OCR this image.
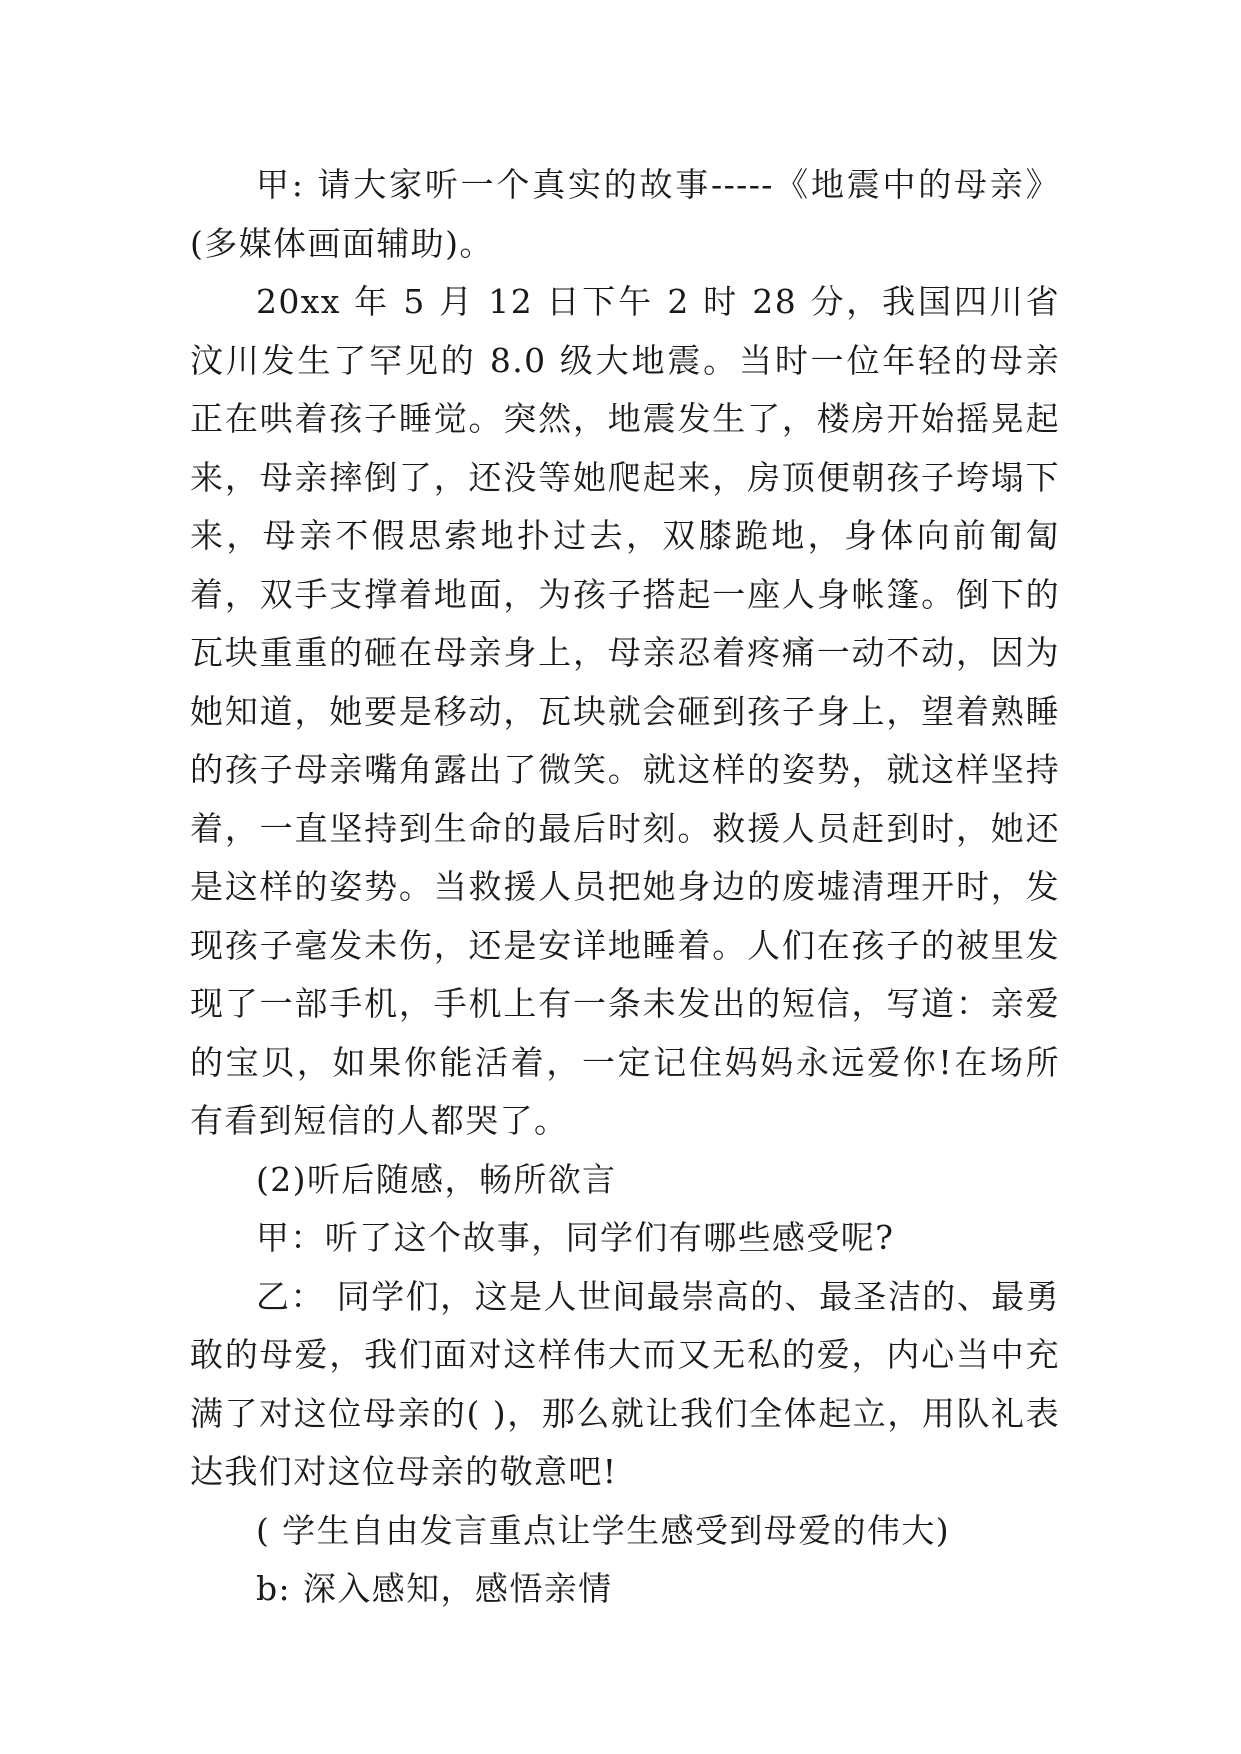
甲: 请大家听一个真实的故事-----《地震中的母亲》(多媒体画面辅助)。

20xx 年 5 月 12 日下午 2 时 28 分，我国四川省汶川发生了罕见的 8.0 级大地震。当时一位年轻的母亲正在哄着孩子睡觉。突然，地震发生了，楼房开始摇晃起来，母亲摔倒了，还没等她爬起来，房顶便朝孩子垮塌下来，母亲不假思索地扑过去，双膝跪地，身体向前匍匐着，双手支撑着地面，为孩子搭起一座人身帐篷。倒下的瓦块重重的砸在母亲身上，母亲忍着疼痛一动不动，因为她知道，她要是移动，瓦块就会砸到孩子身上，望着熟睡的孩子母亲嘴角露出了微笑。就这样的姿势，就这样坚持着，一直坚持到生命的最后时刻。救援人员赶到时，她还是这样的姿势。当救援人员把她身边的废墟清理开时，发现孩子毫发未伤，还是安详地睡着。人们在孩子的被里发现了一部手机，手机上有一条未发出的短信，写道：亲爱的宝贝，如果你能活着，一定记住妈妈永远爱你!在场所有看到短信的人都哭了。

(2)听后随感，畅所欲言

甲：听了这个故事，同学们有哪些感受呢?

乙： 同学们，这是人世间最崇高的、最圣洁的、最勇敢的母爱，我们面对这样伟大而又无私的爱，内心当中充满了对这位母亲的( )，那么就让我们全体起立，用队礼表达我们对这位母亲的敬意吧!

( 学生自由发言重点让学生感受到母爱的伟大)

b: 深入感知，感悟亲情
